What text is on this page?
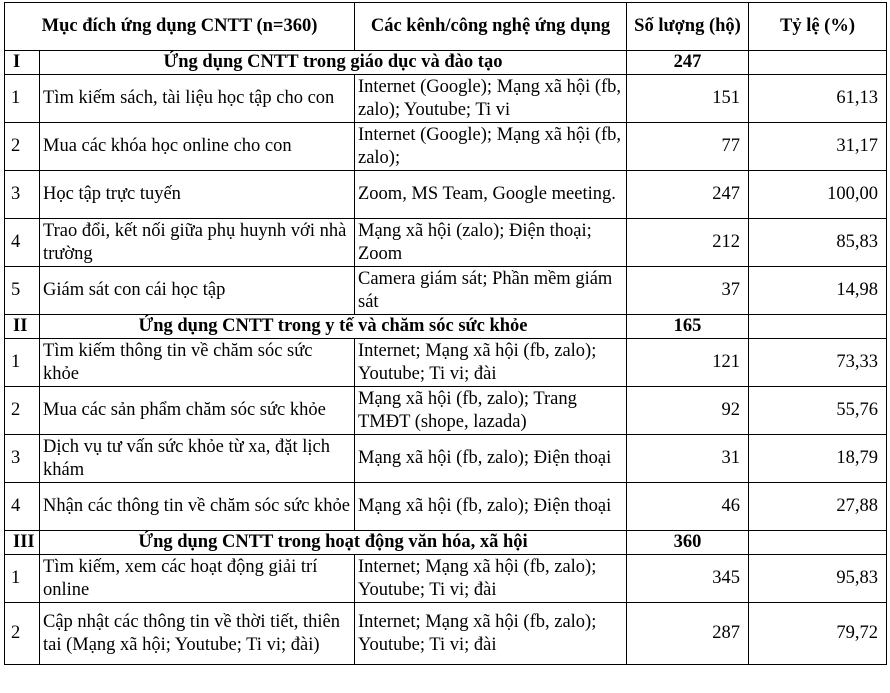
Mục đích ứng dụng CNTT (n=360)		Các kênh/công nghệ ứng dụng	Số lượng (hộ)	Tỷ lệ (%)
I	Ứng dụng CNTT trong giáo dục và đào tạo		247	
1	Tìm kiếm sách, tài liệu học tập cho con	Internet (Google); Mạng xã hội (fb, zalo); Youtube; Ti vi	151	61,13
2	Mua các khóa học online cho con	Internet (Google); Mạng xã hội (fb, zalo);	77	31,17
3	Học tập trực tuyến	Zoom, MS Team, Google meeting.	247	100,00
4	Trao đổi, kết nối giữa phụ huynh với nhà trường	Mạng xã hội (zalo); Điện thoại; Zoom	212	85,83
5	Giám sát con cái học tập	Camera giám sát; Phần mềm giám sát	37	14,98
II	Ứng dụng CNTT trong y tế và chăm sóc sức khỏe		165	
1	Tìm kiếm thông tin về chăm sóc sức khỏe	Internet; Mạng xã hội (fb, zalo); Youtube; Ti vi; đài	121	73,33
2	Mua các sản phẩm chăm sóc sức khỏe	Mạng xã hội (fb, zalo); Trang TMĐT (shope, lazada)	92	55,76
3	Dịch vụ tư vấn sức khỏe từ xa, đặt lịch khám	Mạng xã hội (fb, zalo); Điện thoại	31	18,79
4	Nhận các thông tin về chăm sóc sức khỏe	Mạng xã hội (fb, zalo); Điện thoại	46	27,88
III	Ứng dụng CNTT trong hoạt động văn hóa, xã hội		360	
1	Tìm kiếm, xem các hoạt động giải trí online	Internet; Mạng xã hội (fb, zalo); Youtube; Ti vi; đài	345	95,83
2	Cập nhật các thông tin về thời tiết, thiên tai (Mạng xã hội; Youtube; Ti vi; đài)	Internet; Mạng xã hội (fb, zalo); Youtube; Ti vi; đài	287	79,72
